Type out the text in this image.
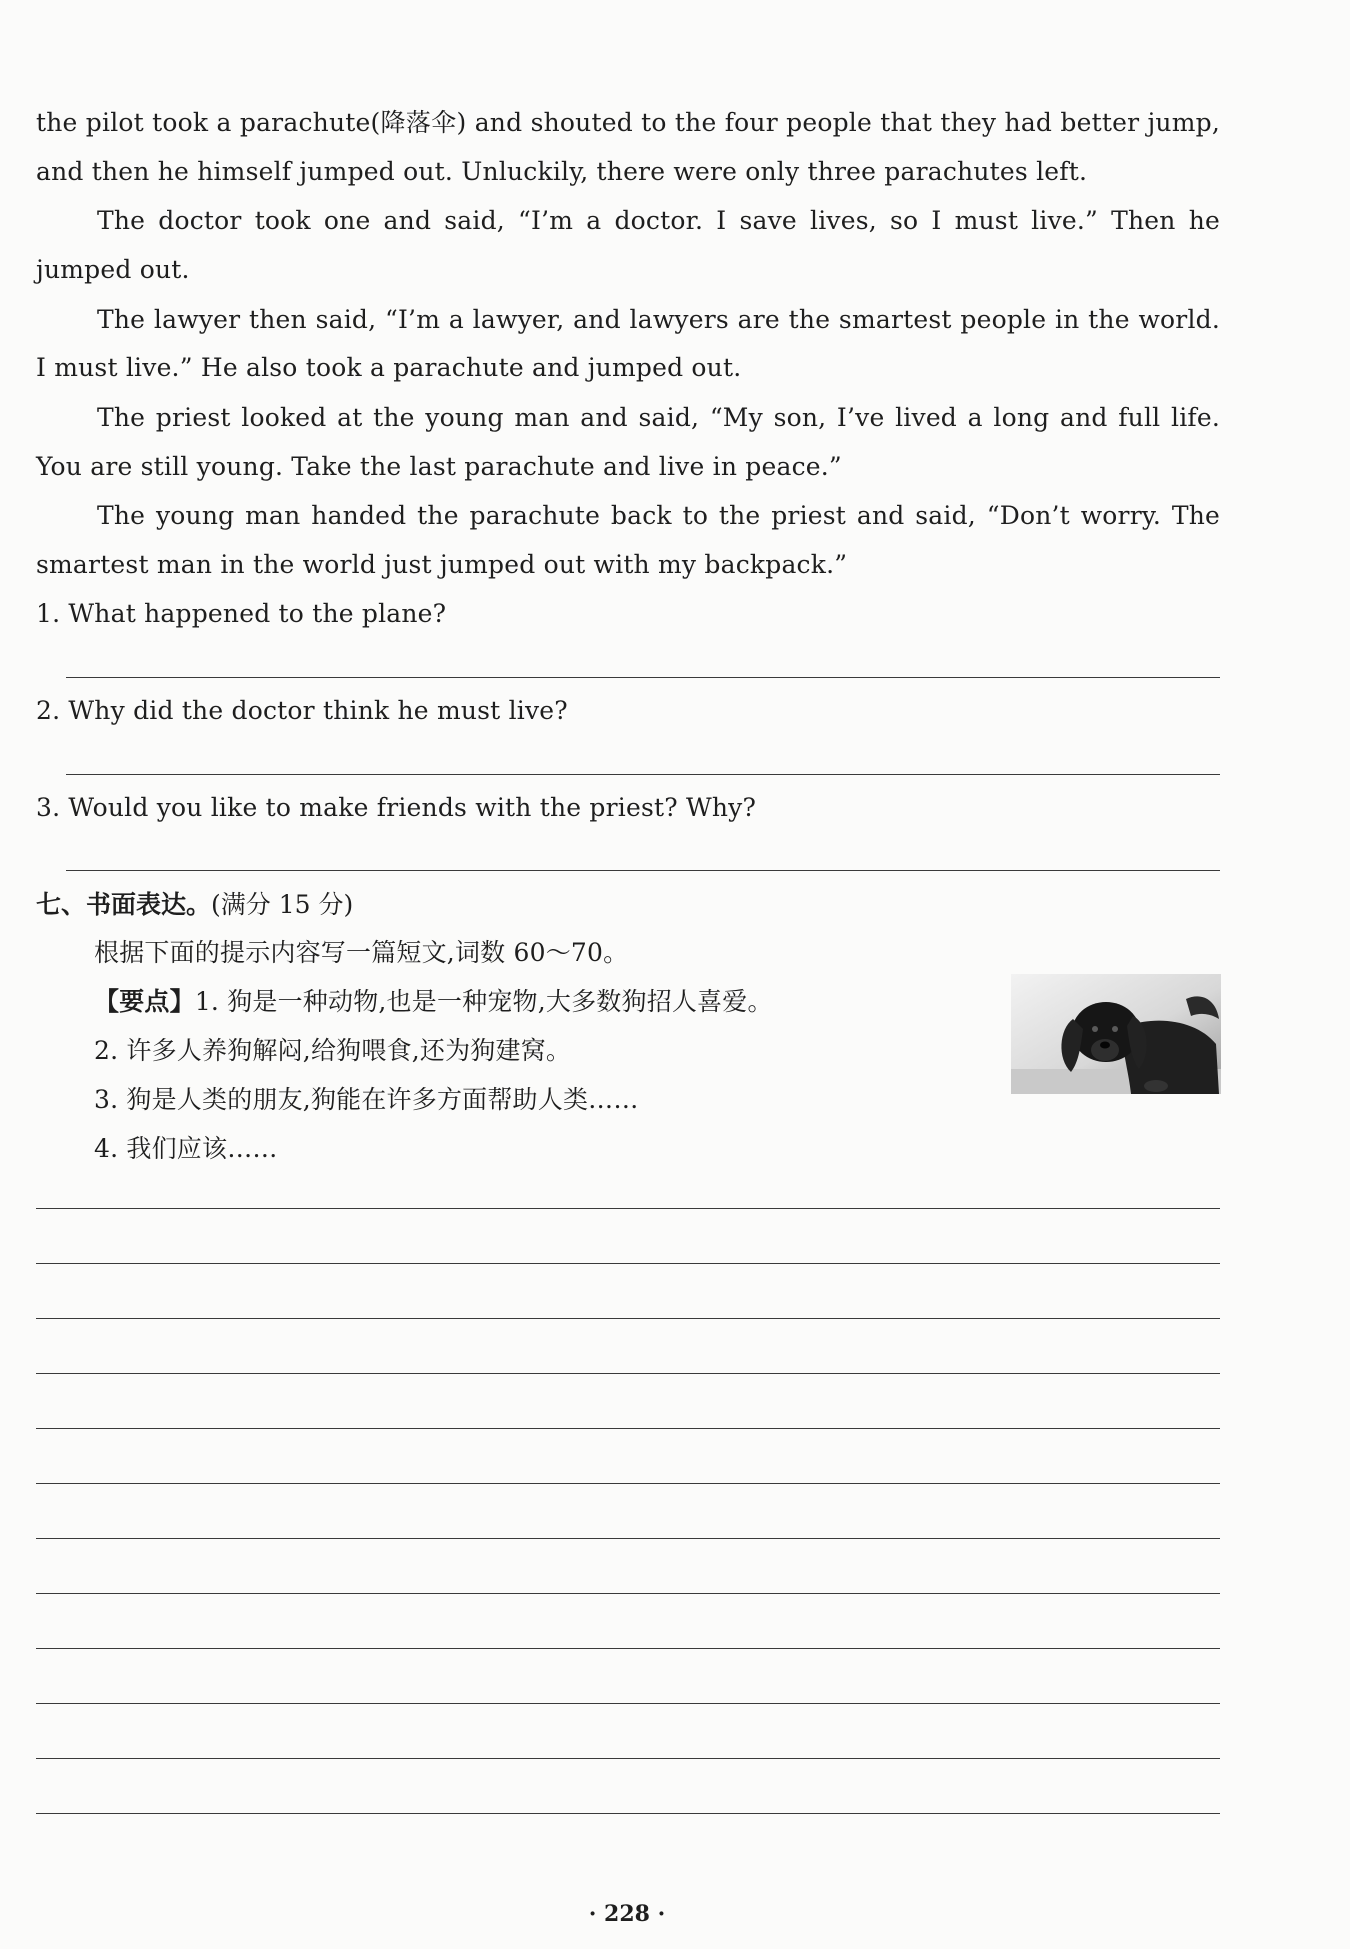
the pilot took a parachute(降落伞) and shouted to the four people that they had better jump,
and then he himself jumped out. Unluckily, there were only three parachutes left.
The doctor took one and said, “I’m a doctor. I save lives, so I must live.” Then he
jumped out.
The lawyer then said, “I’m a lawyer, and lawyers are the smartest people in the world.
I must live.” He also took a parachute and jumped out.
The priest looked at the young man and said, “My son, I’ve lived a long and full life.
You are still young. Take the last parachute and live in peace.”
The young man handed the parachute back to the priest and said, “Don’t worry. The
smartest man in the world just jumped out with my backpack.”
1. What happened to the plane?
2. Why did the doctor think he must live?
3. Would you like to make friends with the priest? Why?
七、书面表达。(满分 15 分)
根据下面的提示内容写一篇短文,词数 60～70。
【要点】1. 狗是一种动物,也是一种宠物,大多数狗招人喜爱。
2. 许多人养狗解闷,给狗喂食,还为狗建窝。
3. 狗是人类的朋友,狗能在许多方面帮助人类……
4. 我们应该……
· 228 ·
